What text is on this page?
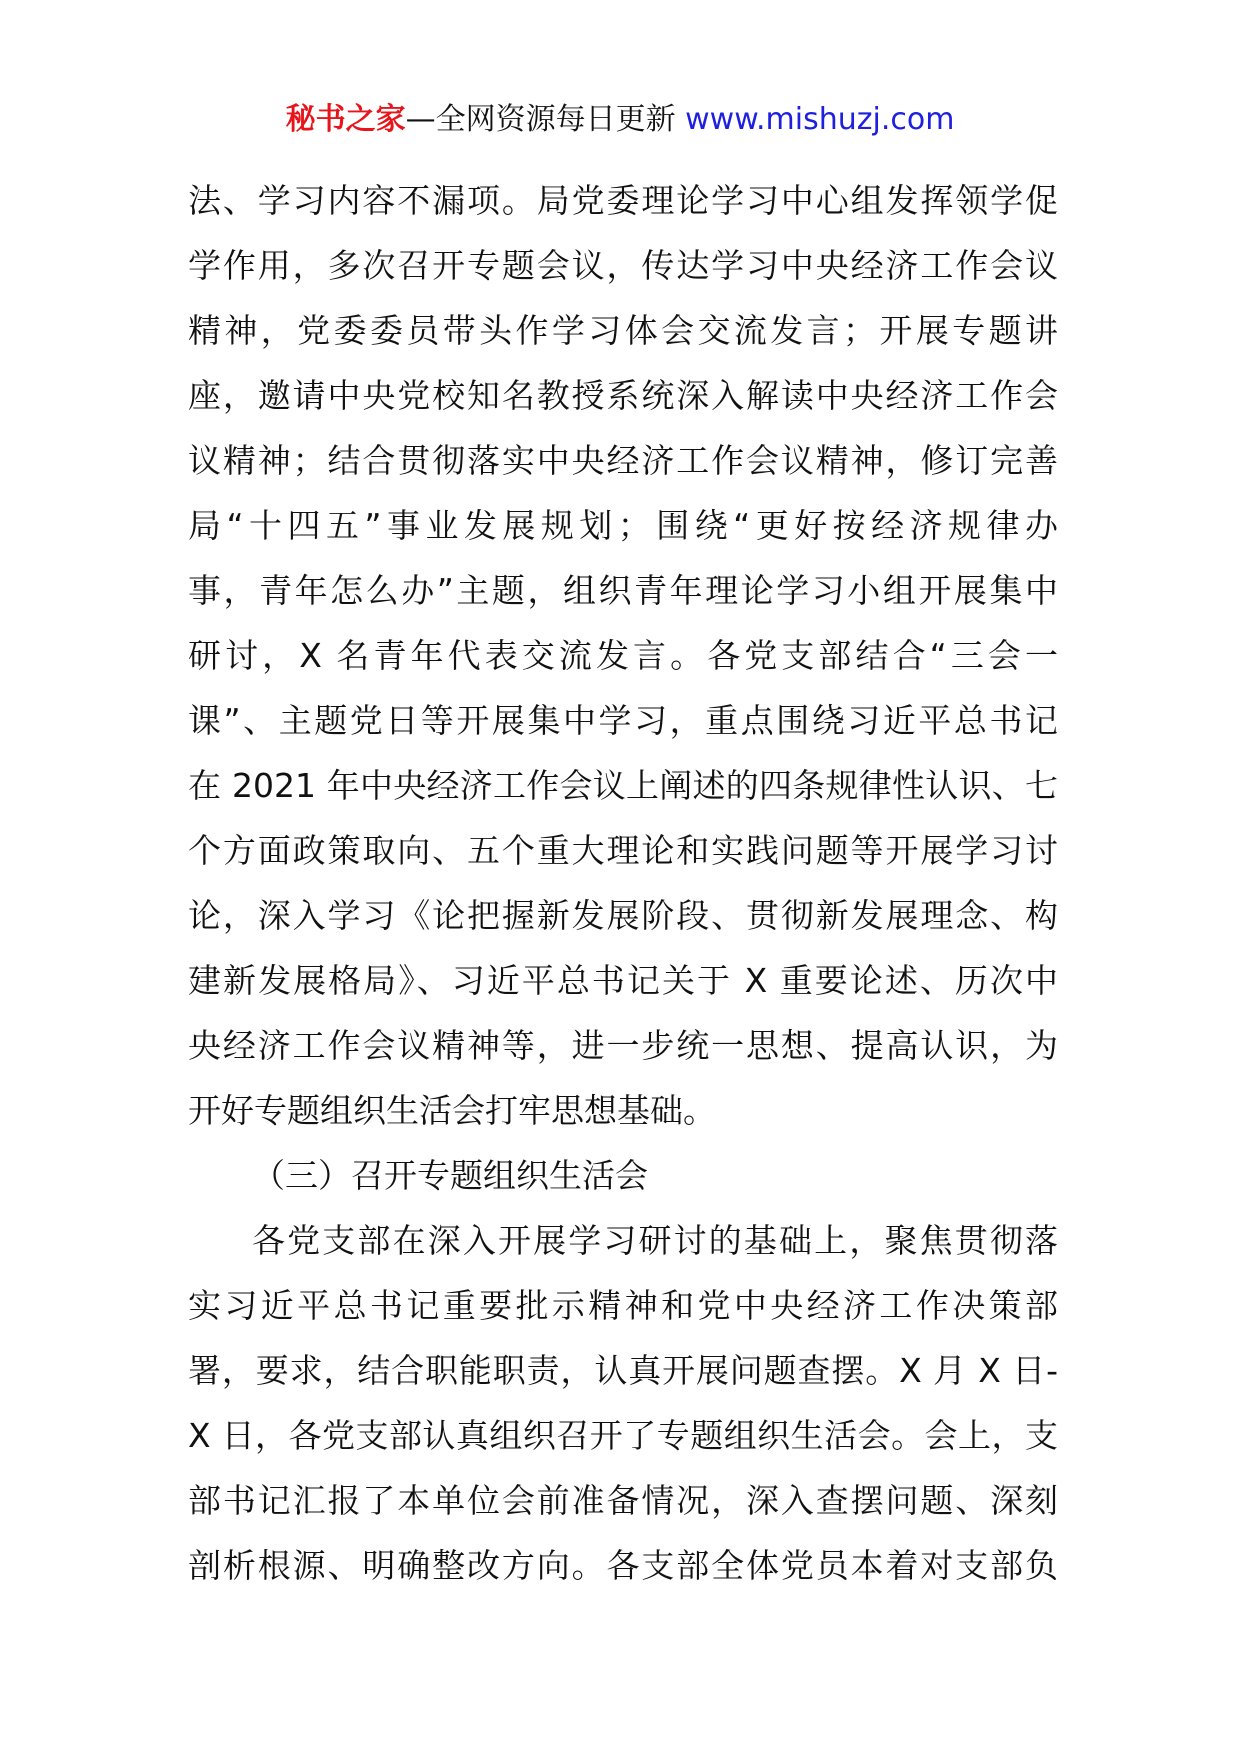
秘书之家—全网资源每日更新 www.mishuzj.com
法、学习内容不漏项。局党委理论学习中心组发挥领学促
学作用，多次召开专题会议，传达学习中央经济工作会议
精神，党委委员带头作学习体会交流发言；开展专题讲
座，邀请中央党校知名教授系统深入解读中央经济工作会
议精神；结合贯彻落实中央经济工作会议精神，修订完善
局“十四五”事业发展规划；围绕“更好按经济规律办
事，青年怎么办”主题，组织青年理论学习小组开展集中
研讨，X 名青年代表交流发言。各党支部结合“三会一
课”、主题党日等开展集中学习，重点围绕习近平总书记
在 2021 年中央经济工作会议上阐述的四条规律性认识、七
个方面政策取向、五个重大理论和实践问题等开展学习讨
论，深入学习《论把握新发展阶段、贯彻新发展理念、构
建新发展格局》、习近平总书记关于 X 重要论述、历次中
央经济工作会议精神等，进一步统一思想、提高认识，为
开好专题组织生活会打牢思想基础。
（三）召开专题组织生活会
各党支部在深入开展学习研讨的基础上，聚焦贯彻落
实习近平总书记重要批示精神和党中央经济工作决策部
署，要求，结合职能职责，认真开展问题查摆。X 月 X 日-
X 日，各党支部认真组织召开了专题组织生活会。会上，支
部书记汇报了本单位会前准备情况，深入查摆问题、深刻
剖析根源、明确整改方向。各支部全体党员本着对支部负
